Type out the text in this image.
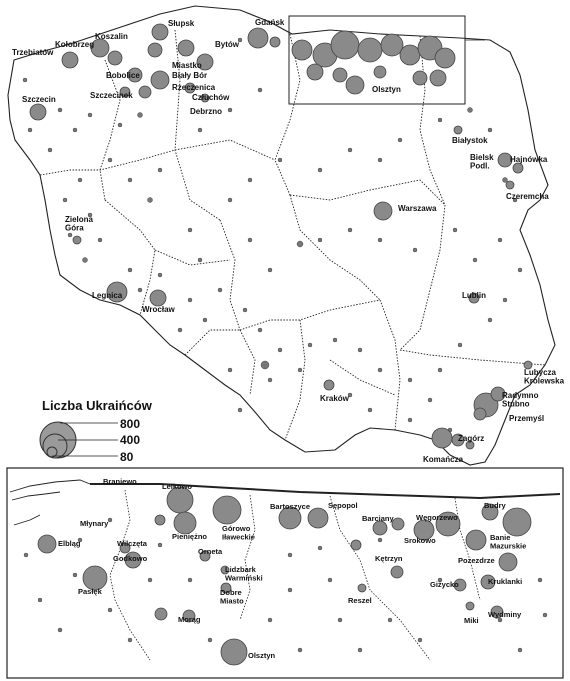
Słupsk	Gdańsk
Koszalin
Kołobrzeg
Trzebiatów
Bytów
Miastko
Bobolice	Biały Bór
Szczecinek
Rzeczenica
Człuchów
Debrzno
Szczecin
Olsztyn
Białystok
Bielsk Podl.
Hajnówka
Czeremcha
Warszawa
Zielona Góra
Legnica
Wrocław
Lublin
Lubycza Królewska
Radymno Stubno
Przemyśl
Kraków
Zagórz
Komańcza
Liczba Ukraińców
800
400
80
Braniewo
Lelkowo
Młynary
Elbląg	Wilczęta
Pieniężno
Górowo Iławeckie
Bartoszyce Sępopol
Barciany	Węgorzewo
Budry
Srokowo	Banie Mazurskie
Godkowo
Orneta
Lidzbark Warmiński
Pozezdrze
Kętrzyn
Pasłęk	Dobre Miasto
Giżycko	Kruklanki
Reszel
Morąg
Wydminy
Miki
Olsztyn
